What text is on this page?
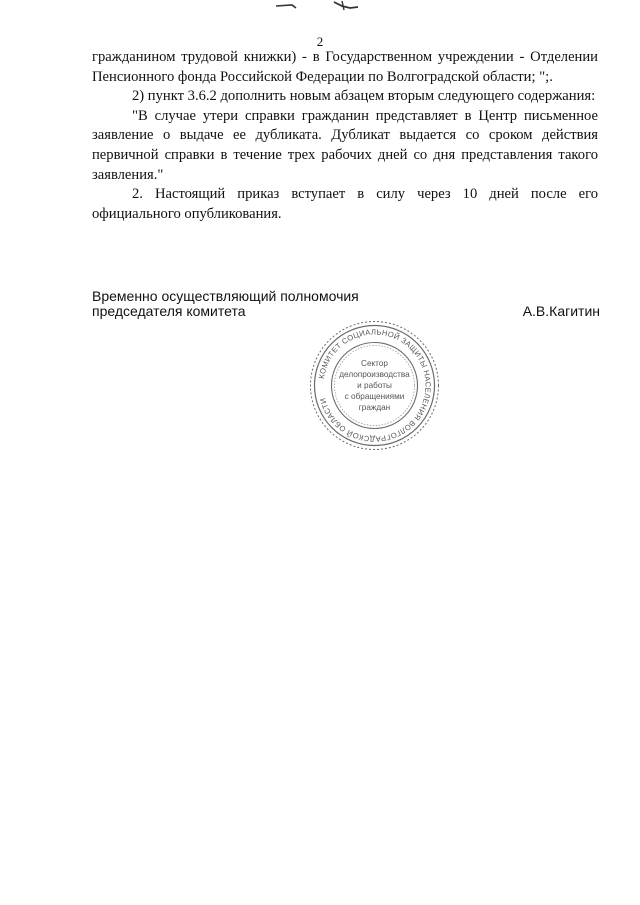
2

гражданином трудовой книжки) - в Государственном учреждении - Отделении Пенсионного фонда Российской Федерации по Волгоградской области; ";.

2) пункт 3.6.2 дополнить новым абзацем вторым следующего содержания:

"В случае утери справки гражданин представляет в Центр письменное заявление о выдаче ее дубликата. Дубликат выдается со сроком действия первичной справки в течение трех рабочих дней со дня представления такого заявления."

2. Настоящий приказ вступает в силу через 10 дней после его официального опубликования.

Временно осуществляющий полномочия
председателя комитета	А.В.Кагитин
КОМИТЕТ СОЦИАЛЬНОЙ ЗАЩИТЫ НАСЕЛЕНИЯ ВОЛГОГРАДСКОЙ ОБЛАСТИ
Сектор
делопроизводства
и работы
с обращениями
граждан
